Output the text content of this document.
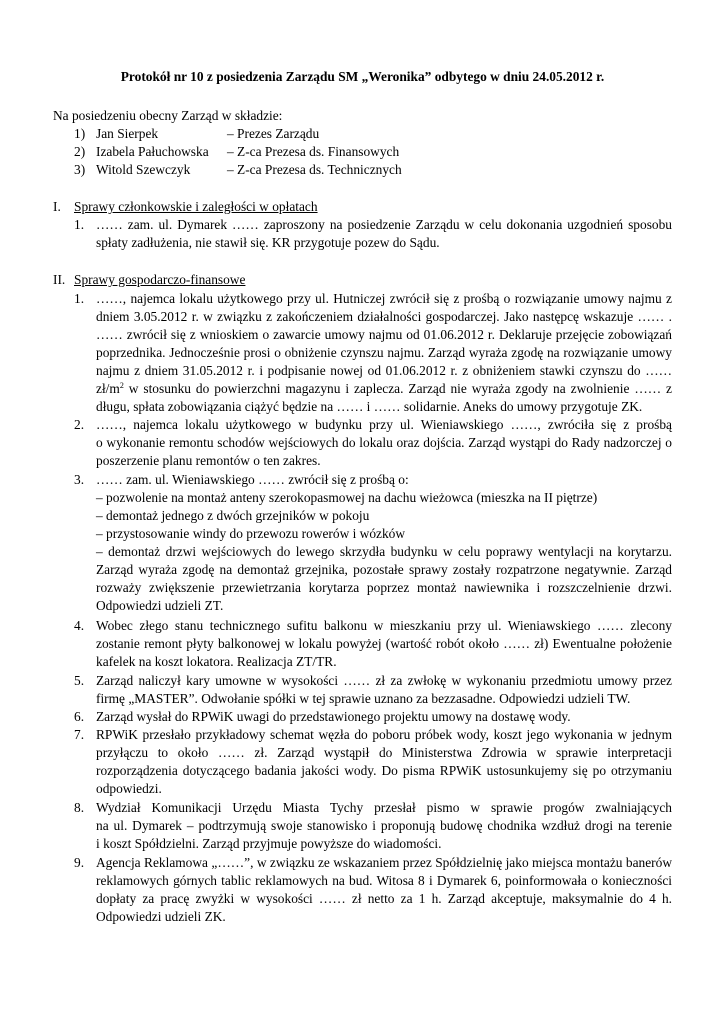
Protokół nr 10 z posiedzenia Zarządu SM „Weronika” odbytego w dniu 24.05.2012 r.
Na posiedzeniu obecny Zarząd w składzie:
1) Jan Sierpek	– Prezes Zarządu
2) Izabela Pałuchowska – Z-ca Prezesa ds. Finansowych
3) Witold Szewczyk	– Z-ca Prezesa ds. Technicznych
I. Sprawy członkowskie i zaległości w opłatach
1. …… zam. ul. Dymarek …… zaproszony na posiedzenie Zarządu w celu dokonania uzgodnień sposobu
spłaty zadłużenia, nie stawił się. KR przygotuje pozew do Sądu.
II. Sprawy gospodarczo-finansowe
1. ……, najemca lokalu użytkowego przy ul. Hutniczej zwrócił się z prośbą o rozwiązanie umowy najmu z
dniem 3.05.2012 r. w związku z zakończeniem działalności gospodarczej. Jako następcę wskazuje …… .
…… zwrócił się z wnioskiem o zawarcie umowy najmu od 01.06.2012 r. Deklaruje przejęcie zobowiązań
poprzednika. Jednocześnie prosi o obniżenie czynszu najmu. Zarząd wyraża zgodę na rozwiązanie umowy
najmu z dniem 31.05.2012 r. i podpisanie nowej od 01.06.2012 r. z obniżeniem stawki czynszu do ……
$zł/m^2$ w stosunku do powierzchni magazynu i zaplecza. Zarząd nie wyraża zgody na zwolnienie …… z
długu, spłata zobowiązania ciążyć będzie na …… i …… solidarnie. Aneks do umowy przygotuje ZK.
2. ……, najemca lokalu użytkowego w budynku przy ul. Wieniawskiego ……, zwróciła się z prośbą
o wykonanie remontu schodów wejściowych do lokalu oraz dojścia. Zarząd wystąpi do Rady nadzorczej o
poszerzenie planu remontów o ten zakres.
3. …… zam. ul. Wieniawskiego …… zwrócił się z prośbą o:
– pozwolenie na montaż anteny szerokopasmowej na dachu wieżowca (mieszka na II piętrze)
– demontaż jednego z dwóch grzejników w pokoju
– przystosowanie windy do przewozu rowerów i wózków
– demontaż drzwi wejściowych do lewego skrzydła budynku w celu poprawy wentylacji na korytarzu.
Zarząd wyraża zgodę na demontaż grzejnika, pozostałe sprawy zostały rozpatrzone negatywnie. Zarząd
rozważy zwiększenie przewietrzania korytarza poprzez montaż nawiewnika i rozszczelnienie drzwi.
Odpowiedzi udzieli ZT.
4. Wobec złego stanu technicznego sufitu balkonu w mieszkaniu przy ul. Wieniawskiego …… zlecony
zostanie remont płyty balkonowej w lokalu powyżej (wartość robót około …… zł) Ewentualne położenie
kafelek na koszt lokatora. Realizacja ZT/TR.
5. Zarząd naliczył kary umowne w wysokości …… zł za zwłokę w wykonaniu przedmiotu umowy przez
firmę „MASTER”. Odwołanie spółki w tej sprawie uznano za bezzasadne. Odpowiedzi udzieli TW.
6. Zarząd wysłał do RPWiK uwagi do przedstawionego projektu umowy na dostawę wody.
7. RPWiK przesłało przykładowy schemat węzła do poboru próbek wody, koszt jego wykonania w jednym
przyłączu to około …… zł. Zarząd wystąpił do Ministerstwa Zdrowia w sprawie interpretacji
rozporządzenia dotyczącego badania jakości wody. Do pisma RPWiK ustosunkujemy się po otrzymaniu
odpowiedzi.
8. Wydział Komunikacji Urzędu Miasta Tychy przesłał pismo w sprawie progów zwalniających
na ul. Dymarek – podtrzymują swoje stanowisko i proponują budowę chodnika wzdłuż drogi na terenie
i koszt Spółdzielni. Zarząd przyjmuje powyższe do wiadomości.
9. Agencja Reklamowa „……”, w związku ze wskazaniem przez Spółdzielnię jako miejsca montażu banerów
reklamowych górnych tablic reklamowych na bud. Witosa 8 i Dymarek 6, poinformowała o konieczności
dopłaty za pracę zwyżki w wysokości …… zł netto za 1 h. Zarząd akceptuje, maksymalnie do 4 h.
Odpowiedzi udzieli ZK.
